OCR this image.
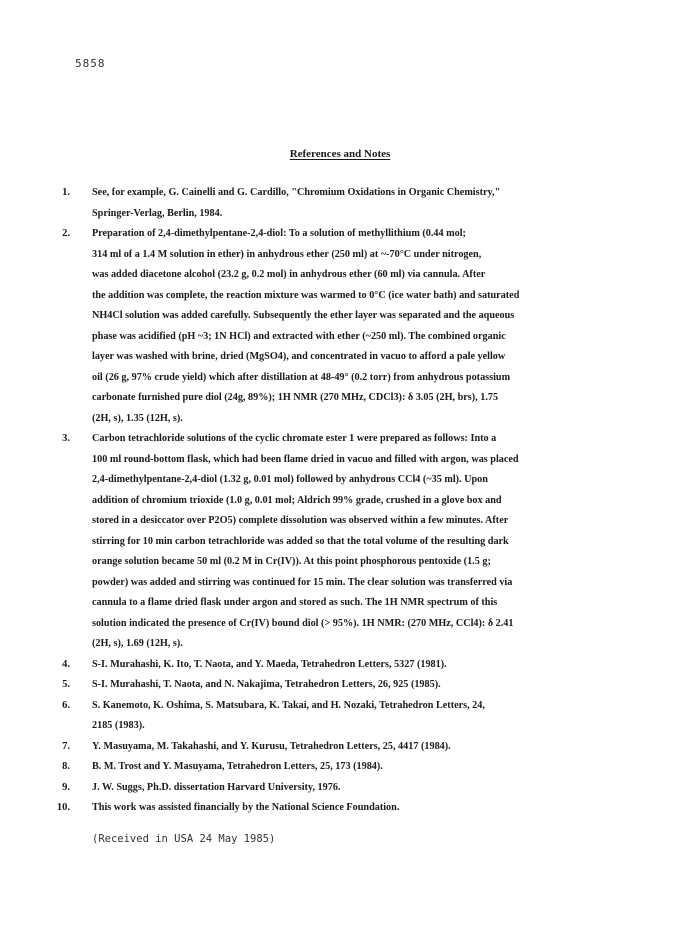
5858
References and Notes
1. See, for example, G. Cainelli and G. Cardillo, "Chromium Oxidations in Organic Chemistry,"
Springer-Verlag, Berlin, 1984.
2. Preparation of 2,4-dimethylpentane-2,4-diol: To a solution of methyllithium (0.44 mol;
314 ml of a 1.4 M solution in ether) in anhydrous ether (250 ml) at ~-70°C under nitrogen,
was added diacetone alcohol (23.2 g, 0.2 mol) in anhydrous ether (60 ml) via cannula. After
the addition was complete, the reaction mixture was warmed to 0°C (ice water bath) and saturated
NH4Cl solution was added carefully. Subsequently the ether layer was separated and the aqueous
phase was acidified (pH ~3; 1N HCl) and extracted with ether (~250 ml). The combined organic
layer was washed with brine, dried (MgSO4), and concentrated in vacuo to afford a pale yellow
oil (26 g, 97% crude yield) which after distillation at 48-49° (0.2 torr) from anhydrous potassium
carbonate furnished pure diol (24g, 89%); 1H NMR (270 MHz, CDCl3): δ 3.05 (2H, brs), 1.75
(2H, s), 1.35 (12H, s).
3. Carbon tetrachloride solutions of the cyclic chromate ester 1 were prepared as follows: Into a
100 ml round-bottom flask, which had been flame dried in vacuo and filled with argon, was placed
2,4-dimethylpentane-2,4-diol (1.32 g, 0.01 mol) followed by anhydrous CCl4 (~35 ml). Upon
addition of chromium trioxide (1.0 g, 0.01 mol; Aldrich 99% grade, crushed in a glove box and
stored in a desiccator over P2O5) complete dissolution was observed within a few minutes. After
stirring for 10 min carbon tetrachloride was added so that the total volume of the resulting dark
orange solution became 50 ml (0.2 M in Cr(IV)). At this point phosphorous pentoxide (1.5 g;
powder) was added and stirring was continued for 15 min. The clear solution was transferred via
cannula to a flame dried flask under argon and stored as such. The 1H NMR spectrum of this
solution indicated the presence of Cr(IV) bound diol (> 95%). 1H NMR: (270 MHz, CCl4): δ 2.41
(2H, s), 1.69 (12H, s).
4. S-I. Murahashi, K. Ito, T. Naota, and Y. Maeda, Tetrahedron Letters, 5327 (1981).
5. S-I. Murahashi, T. Naota, and N. Nakajima, Tetrahedron Letters, 26, 925 (1985).
6. S. Kanemoto, K. Oshima, S. Matsubara, K. Takai, and H. Nozaki, Tetrahedron Letters, 24,
2185 (1983).
7. Y. Masuyama, M. Takahashi, and Y. Kurusu, Tetrahedron Letters, 25, 4417 (1984).
8. B. M. Trost and Y. Masuyama, Tetrahedron Letters, 25, 173 (1984).
9. J. W. Suggs, Ph.D. dissertation Harvard University, 1976.
10. This work was assisted financially by the National Science Foundation.
(Received in USA 24 May 1985)
